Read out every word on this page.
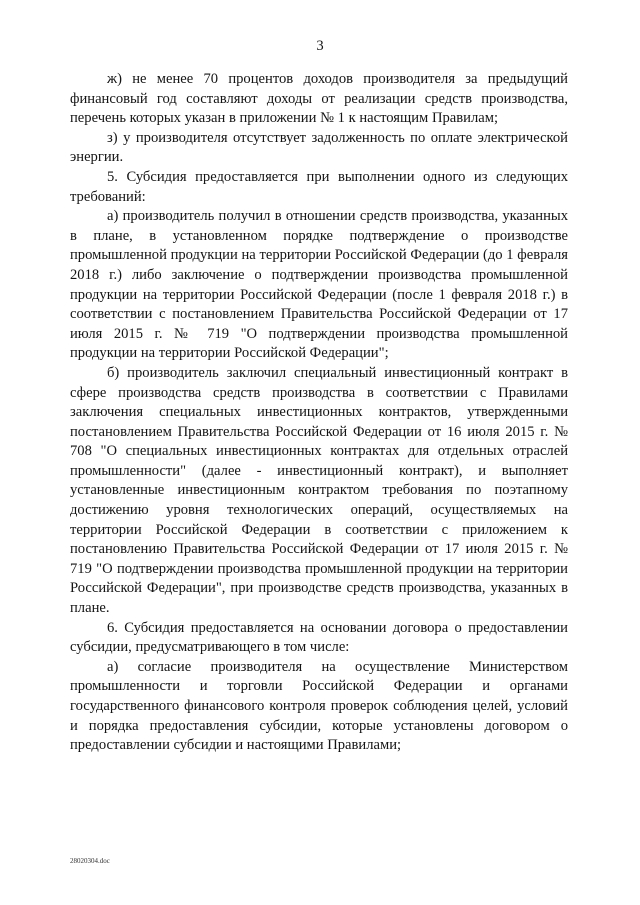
3

ж) не менее 70 процентов доходов производителя за предыдущий финансовый год составляют доходы от реализации средств производства, перечень которых указан в приложении № 1 к настоящим Правилам;

з) у производителя отсутствует задолженность по оплате электрической энергии.

5. Субсидия предоставляется при выполнении одного из следующих требований:

а) производитель получил в отношении средств производства, указанных в плане, в установленном порядке подтверждение о производстве промышленной продукции на территории Российской Федерации (до 1 февраля 2018 г.) либо заключение о подтверждении производства промышленной продукции на территории Российской Федерации (после 1 февраля 2018 г.) в соответствии с постановлением Правительства Российской Федерации от 17 июля 2015 г. № 719 "О подтверждении производства промышленной продукции на территории Российской Федерации";

б) производитель заключил специальный инвестиционный контракт в сфере производства средств производства в соответствии с Правилами заключения специальных инвестиционных контрактов, утвержденными постановлением Правительства Российской Федерации от 16 июля 2015 г. № 708 "О специальных инвестиционных контрактах для отдельных отраслей промышленности" (далее - инвестиционный контракт), и выполняет установленные инвестиционным контрактом требования по поэтапному достижению уровня технологических операций, осуществляемых на территории Российской Федерации в соответствии с приложением к постановлению Правительства Российской Федерации от 17 июля 2015 г. № 719 "О подтверждении производства промышленной продукции на территории Российской Федерации", при производстве средств производства, указанных в плане.

6. Субсидия предоставляется на основании договора о предоставлении субсидии, предусматривающего в том числе:

а) согласие производителя на осуществление Министерством промышленности и торговли Российской Федерации и органами государственного финансового контроля проверок соблюдения целей, условий и порядка предоставления субсидии, которые установлены договором о предоставлении субсидии и настоящими Правилами;

28020304.doc
